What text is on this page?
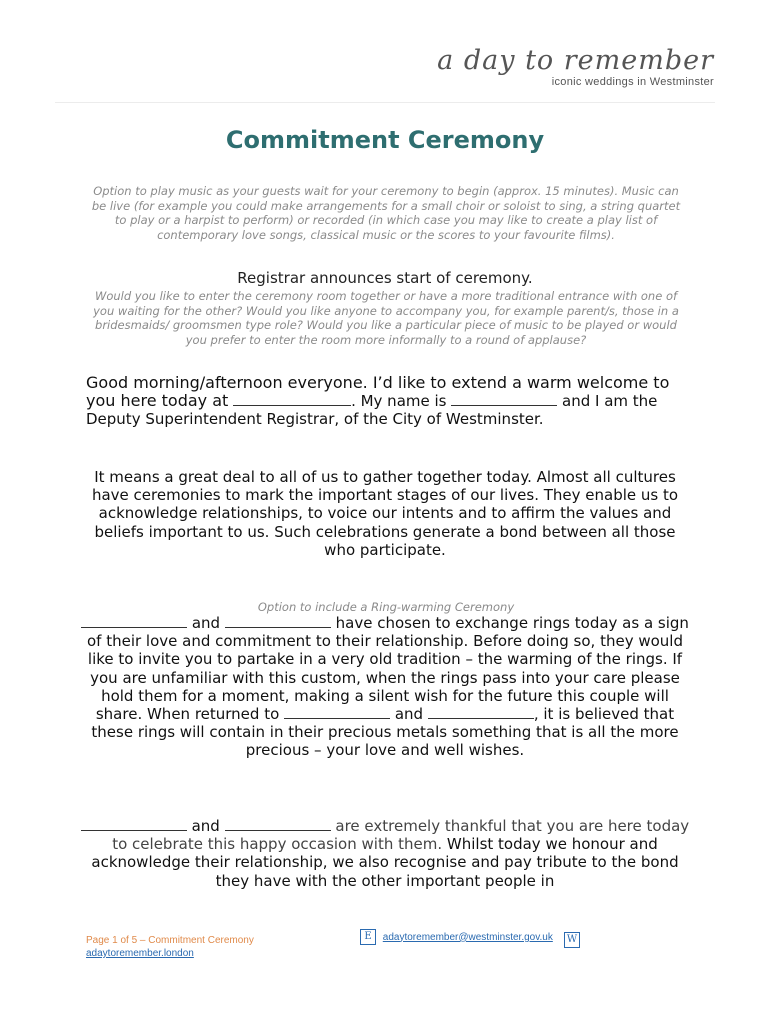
a day to remember
iconic weddings in Westminster
Commitment Ceremony
Option to play music as your guests wait for your ceremony to begin (approx. 15 minutes). Music can be live (for example you could make arrangements for a small choir or soloist to sing, a string quartet to play or a harpist to perform) or recorded (in which case you may like to create a play list of contemporary love songs, classical music or the scores to your favourite films).
Registrar announces start of ceremony.
Would you like to enter the ceremony room together or have a more traditional entrance with one of you waiting for the other? Would you like anyone to accompany you, for example parent/s, those in a bridesmaids/ groomsmen type role? Would you like a particular piece of music to be played or would you prefer to enter the room more informally to a round of applause?
Good morning/afternoon everyone. I’d like to extend a warm welcome to you here today at	. My name is	and I am the Deputy Superintendent Registrar, of the City of Westminster.
It means a great deal to all of us to gather together today. Almost all cultures have ceremonies to mark the important stages of our lives. They enable us to acknowledge relationships, to voice our intents and to affirm the values and beliefs important to us. Such celebrations generate a bond between all those who participate.
Option to include a Ring-warming Ceremony
and	have chosen to exchange rings today as a sign of their love and commitment to their relationship. Before doing so, they would like to invite you to partake in a very old tradition – the warming of the rings. If you are unfamiliar with this custom, when the rings pass into your care please hold them for a moment, making a silent wish for the future this couple will share. When returned to	and	, it is believed that these rings will contain in their precious metals something that is all the more precious – your love and well wishes.
and	are extremely thankful that you are here today to celebrate this happy occasion with them. Whilst today we honour and acknowledge their relationship, we also recognise and pay tribute to the bond they have with the other important people in
Page 1 of 5 – Commitment Ceremony
adaytoremember.london
E adaytoremember@westminster.gov.uk W
